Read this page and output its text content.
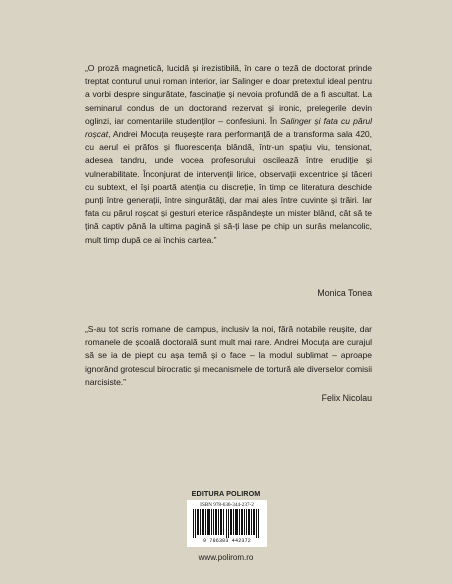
„O proză magnetică, lucidă și irezistibilă, în care o teză de doctorat prinde treptat conturul unui roman interior, iar Salinger e doar pretextul ideal pentru a vorbi despre singurătate, fascinație și nevoia profundă de a fi ascultat. La seminarul condus de un doctorand rezervat și ironic, prelegerile devin oglinzi, iar comentariile studenților – confesiuni. În Salinger și fata cu părul roșcat, Andrei Mocuța reușește rara performanță de a transforma sala 420, cu aerul ei prăfos și fluorescența blândă, într-un spațiu viu, tensionat, adesea tandru, unde vocea profesorului oscilează între erudiție și vulnerabilitate. Înconjurat de intervenții lirice, observații excentrice și tăceri cu subtext, el își poartă atenția cu discreție, în timp ce literatura deschide punți între generații, între singurătăți, dar mai ales între cuvinte și trăiri. Iar fata cu părul roșcat și gesturi eterice răspândește un mister blând, cât să te țină captiv până la ultima pagină și să-ți lase pe chip un surâs melancolic, mult timp după ce ai închis cartea.”

Monica Tonea

„S-au tot scris romane de campus, inclusiv la noi, fără notabile reușite, dar romanele de școală doctorală sunt mult mai rare. Andrei Mocuța are curajul să se ia de piept cu așa temă și o face – la modul sublimat – aproape ignorând grotescul birocratic și mecanismele de tortură ale diverselor comisii narcisiste.”

Felix Nicolau
EDITURA POLIROM
ISBN 978-630-344-237-2
9 786303 442372
www.polirom.ro
